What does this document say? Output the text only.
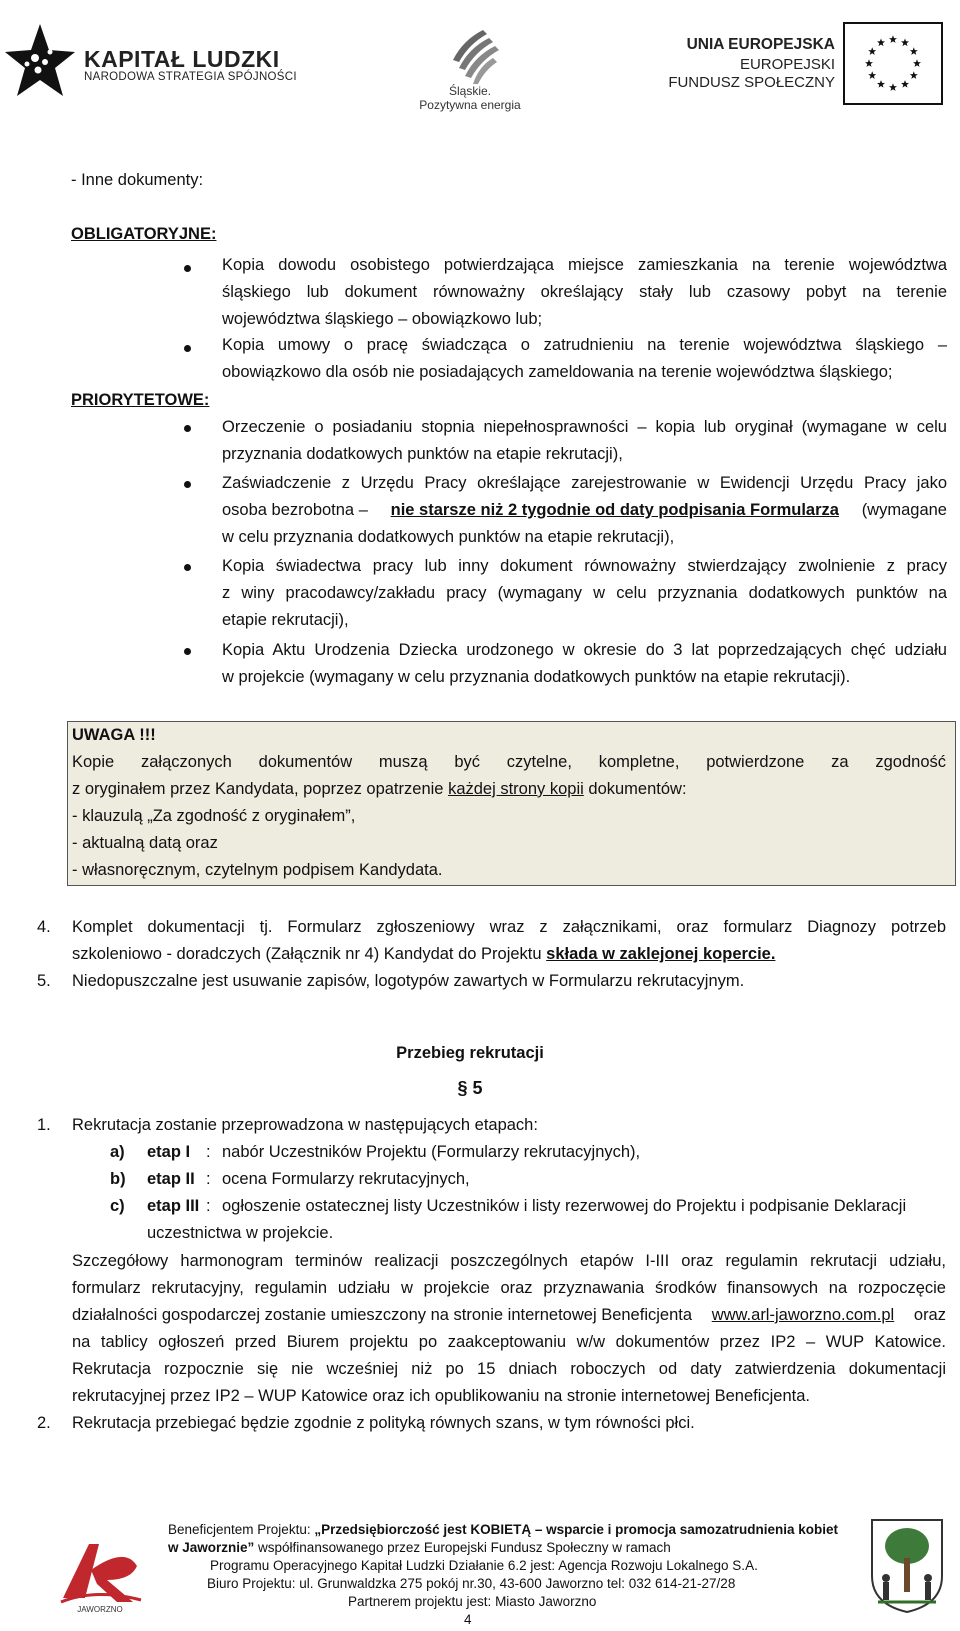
KAPITAŁ LUDZKI
NARODOWA STRATEGIA SPÓJNOŚCI
Śląskie.
Pozytywna energia
UNIA EUROPEJSKA
EUROPEJSKI
FUNDUSZ SPOŁECZNY
- Inne dokumenty:
OBLIGATORYJNE:
Kopia dowodu osobistego potwierdzająca miejsce zamieszkania na terenie województwa
śląskiego lub dokument równoważny określający stały lub czasowy pobyt na terenie
województwa śląskiego – obowiązkowo lub;
Kopia umowy o pracę świadcząca o zatrudnieniu na terenie województwa śląskiego –
obowiązkowo dla osób nie posiadających zameldowania na terenie województwa śląskiego;
PRIORYTETOWE:
Orzeczenie o posiadaniu stopnia niepełnosprawności – kopia lub oryginał (wymagane w celu
przyznania dodatkowych punktów na etapie rekrutacji),
Zaświadczenie z Urzędu Pracy określające zarejestrowanie w Ewidencji Urzędu Pracy jako
osoba bezrobotna – nie starsze niż 2 tygodnie od daty podpisania Formularza (wymagane
w celu przyznania dodatkowych punktów na etapie rekrutacji),
Kopia świadectwa pracy lub inny dokument równoważny stwierdzający zwolnienie z pracy
z winy pracodawcy/zakładu pracy (wymagany w celu przyznania dodatkowych punktów na
etapie rekrutacji),
Kopia Aktu Urodzenia Dziecka urodzonego w okresie do 3 lat poprzedzających chęć udziału
w projekcie (wymagany w celu przyznania dodatkowych punktów na etapie rekrutacji).
UWAGA !!!
Kopie załączonych dokumentów muszą być czytelne, kompletne, potwierdzone za zgodność
z oryginałem przez Kandydata, poprzez opatrzenie każdej strony kopii dokumentów:
- klauzulą „Za zgodność z oryginałem”,
- aktualną datą oraz
- własnoręcznym, czytelnym podpisem Kandydata.
4. Komplet dokumentacji tj. Formularz zgłoszeniowy wraz z załącznikami, oraz formularz Diagnozy potrzeb
szkoleniowo - doradczych (Załącznik nr 4) Kandydat do Projektu składa w zaklejonej kopercie.
5. Niedopuszczalne jest usuwanie zapisów, logotypów zawartych w Formularzu rekrutacyjnym.
Przebieg rekrutacji
§ 5
1. Rekrutacja zostanie przeprowadzona w następujących etapach:
a) etap I : nabór Uczestników Projektu (Formularzy rekrutacyjnych),
b) etap II : ocena Formularzy rekrutacyjnych,
c) etap III : ogłoszenie ostatecznej listy Uczestników i listy rezerwowej do Projektu i podpisanie Deklaracji
uczestnictwa w projekcie.
Szczegółowy harmonogram terminów realizacji poszczególnych etapów I-III oraz regulamin rekrutacji udziału,
formularz rekrutacyjny, regulamin udziału w projekcie oraz przyznawania środków finansowych na rozpoczęcie
działalności gospodarczej zostanie umieszczony na stronie internetowej Beneficjenta www.arl-jaworzno.com.pl oraz
na tablicy ogłoszeń przed Biurem projektu po zaakceptowaniu w/w dokumentów przez IP2 – WUP Katowice.
Rekrutacja rozpocznie się nie wcześniej niż po 15 dniach roboczych od daty zatwierdzenia dokumentacji
rekrutacyjnej przez IP2 – WUP Katowice oraz ich opublikowaniu na stronie internetowej Beneficjenta.
2. Rekrutacja przebiegać będzie zgodnie z polityką równych szans, w tym równości płci.
JAWORZNO
Beneficjentem Projektu: „Przedsiębiorczość jest KOBIETĄ – wsparcie i promocja samozatrudnienia kobiet
w Jaworznie” współfinansowanego przez Europejski Fundusz Społeczny w ramach
Programu Operacyjnego Kapitał Ludzki Działanie 6.2 jest: Agencja Rozwoju Lokalnego S.A.
Biuro Projektu: ul. Grunwaldzka 275 pokój nr.30, 43-600 Jaworzno tel: 032 614-21-27/28
Partnerem projektu jest: Miasto Jaworzno
4
